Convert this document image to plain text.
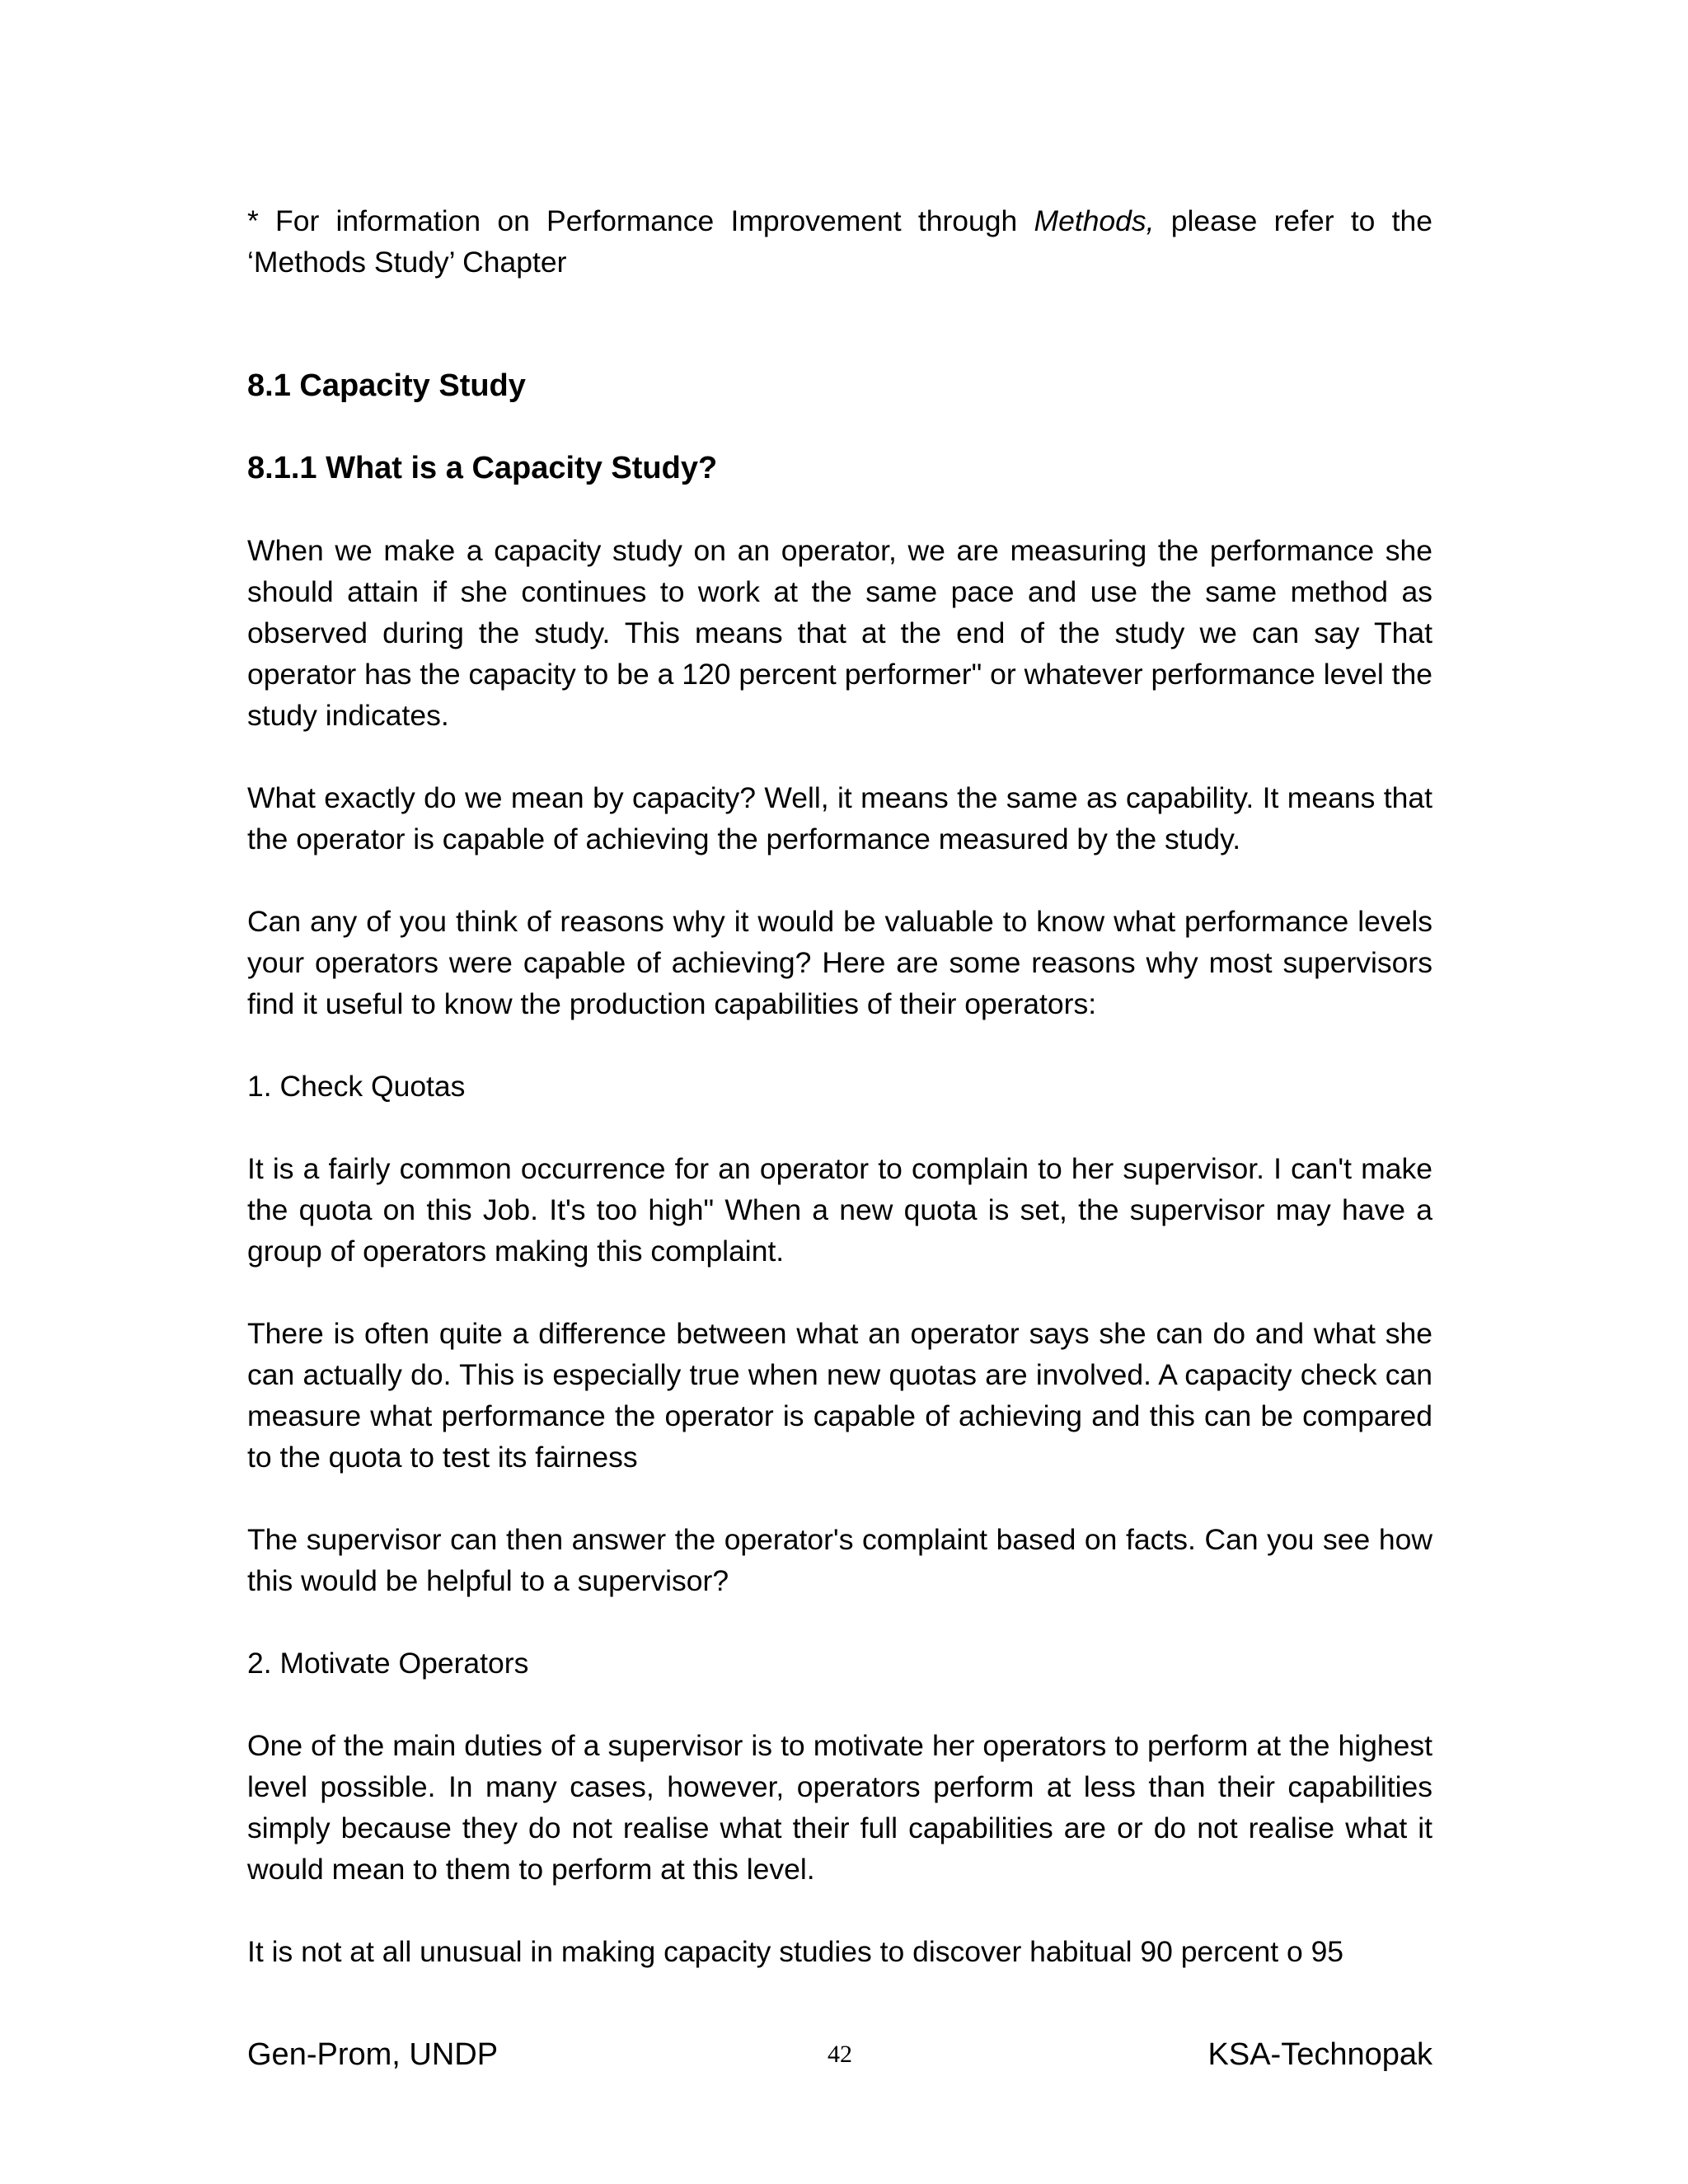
* For information on Performance Improvement through Methods, please refer to the ‘Methods Study’ Chapter

8.1 Capacity Study
8.1.1 What is a Capacity Study?

When we make a capacity study on an operator, we are measuring the performance she should attain if she continues to work at the same pace and use the same method as observed during the study. This means that at the end of the study we can say That operator has the capacity to be a 120 percent performer" or whatever performance level the study indicates.

What exactly do we mean by capacity? Well, it means the same as capability. It means that the operator is capable of achieving the performance measured by the study.

Can any of you think of reasons why it would be valuable to know what performance levels your operators were capable of achieving? Here are some reasons why most supervisors find it useful to know the production capabilities of their operators:

1. Check Quotas

It is a fairly common occurrence for an operator to complain to her supervisor. I can't make the quota on this Job. It's too high" When a new quota is set, the supervisor may have a group of operators making this complaint.

There is often quite a difference between what an operator says she can do and what she can actually do. This is especially true when new quotas are involved. A capacity check can measure what performance the operator is capable of achieving and this can be compared to the quota to test its fairness

The supervisor can then answer the operator's complaint based on facts. Can you see how this would be helpful to a supervisor?

2. Motivate Operators

One of the main duties of a supervisor is to motivate her operators to perform at the highest level possible. In many cases, however, operators perform at less than their capabilities simply because they do not realise what their full capabilities are or do not realise what it would mean to them to perform at this level.

It is not at all unusual in making capacity studies to discover habitual 90 percent o 95

Gen-Prom, UNDP	42	KSA-Technopak
